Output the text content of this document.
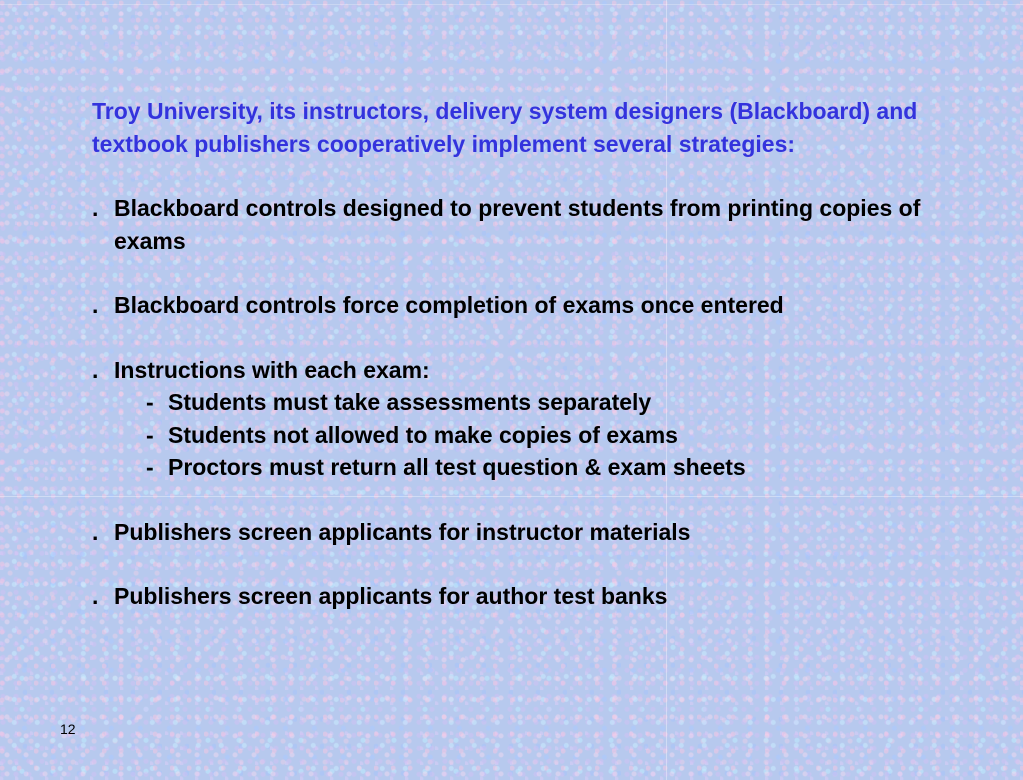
Troy University, its instructors, delivery system designers (Blackboard) and textbook publishers cooperatively implement several strategies:

. Blackboard controls designed to prevent students from printing copies of exams
. Blackboard controls force completion of exams once entered
. Instructions with each exam:
- Students must take assessments separately
- Students not allowed to make copies of exams
- Proctors must return all test question & exam sheets
. Publishers screen applicants for instructor materials
. Publishers screen applicants for author test banks
12
